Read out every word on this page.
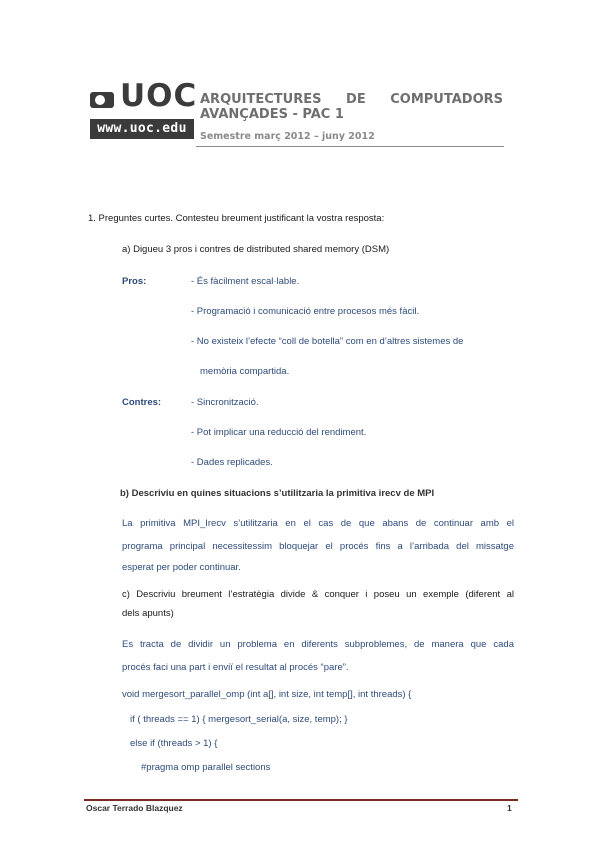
UOC
www.uoc.edu
ARQUITECTURES DE COMPUTADORS
AVANÇADES - PAC 1
Semestre març 2012 – juny 2012
1. Preguntes curtes. Contesteu breument justificant la vostra resposta:
a) Digueu 3 pros i contres de distributed shared memory (DSM)
Pros:	- És fàcilment escal·lable.
- Programació i comunicació entre procesos més fàcil.
- No existeix l’efecte “coll de botella” com en d’altres sistemes de
memòria compartida.
Contres:	- Sincronització.
- Pot implicar una reducció del rendiment.
- Dades replicades.
b) Descriviu en quines situacions s’utilitzaria la primitiva irecv de MPI
La primitiva MPI_Irecv s’utilitzaria en el cas de que abans de continuar amb el
programa principal necessitessim bloquejar el procés fins a l’arribada del missatge
esperat per poder continuar.
c) Descriviu breument l’estratègia divide & conquer i poseu un exemple (diferent al
dels apunts)
Es tracta de dividir un problema en diferents subproblemes, de manera que cada
procés faci una part i enviï el resultat al procés “pare”.
void mergesort_parallel_omp (int a[], int size, int temp[], int threads) {
if ( threads == 1) { mergesort_serial(a, size, temp); }
else if (threads > 1) {
#pragma omp parallel sections
Oscar Terrado Blazquez	1
